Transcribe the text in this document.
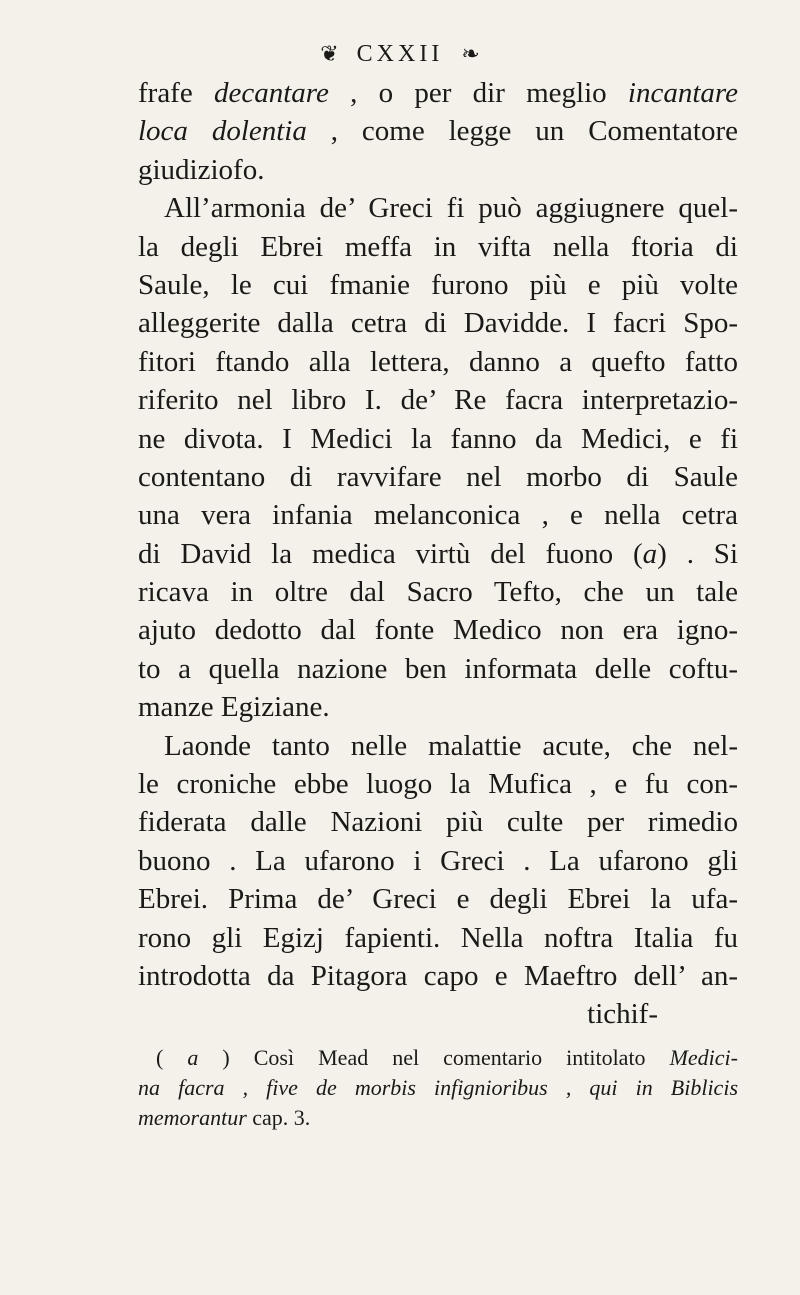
❦ CXXII ❧
frafe decantare , o per dir meglio incantare
loca dolentia , come legge un Comentatore
giudiziofo.
All’armonia de’ Greci fi può aggiugnere quel-
la degli Ebrei meffa in vifta nella ftoria di
Saule, le cui fmanie furono più e più volte
alleggerite dalla cetra di Davidde. I facri Spo-
fitori ftando alla lettera, danno a quefto fatto
riferito nel libro I. de’ Re facra interpretazio-
ne divota. I Medici la fanno da Medici, e fi
contentano di ravvifare nel morbo di Saule
una vera infania melanconica , e nella cetra
di David la medica virtù del fuono (a) . Si
ricava in oltre dal Sacro Tefto, che un tale
ajuto dedotto dal fonte Medico non era igno-
to a quella nazione ben informata delle coftu-
manze Egiziane.
Laonde tanto nelle malattie acute, che nel-
le croniche ebbe luogo la Mufica , e fu con-
fiderata dalle Nazioni più culte per rimedio
buono . La ufarono i Greci . La ufarono gli
Ebrei. Prima de’ Greci e degli Ebrei la ufa-
rono gli Egizj fapienti. Nella noftra Italia fu
introdotta da Pitagora capo e Maeftro dell’ an-
tichif-
( a ) Così Mead nel comentario intitolato Medici-
na facra , five de morbis infignioribus , qui in Biblicis
memorantur cap. 3.
